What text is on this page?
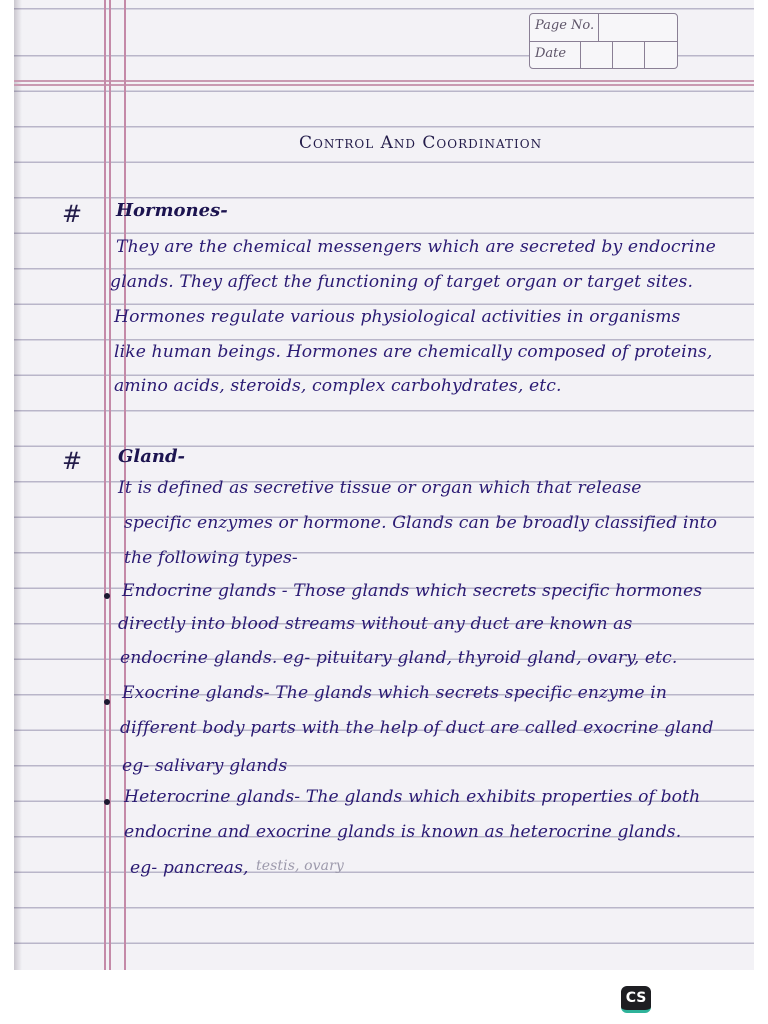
Page No.
Date
Control And Coordination
# Hormones-
They are the chemical messengers which are secreted by endocrine
glands. They affect the functioning of target organ or target sites.
Hormones regulate various physiological activities in organisms
like human beings. Hormones are chemically composed of proteins,
amino acids, steroids, complex carbohydrates, etc.
# Gland-
It is defined as secretive tissue or organ which that release
specific enzymes or hormone. Glands can be broadly classified into
the following types-
Endocrine glands - Those glands which secrets specific hormones
directly into blood streams without any duct are known as
endocrine glands. eg- pituitary gland, thyroid gland, ovary, etc.
Exocrine glands- The glands which secrets specific enzyme in
different body parts with the help of duct are called exocrine gland
eg- salivary glands
Heterocrine glands- The glands which exhibits properties of both
endocrine and exocrine glands is known as heterocrine glands.
eg- pancreas, testis, ovary
CS
